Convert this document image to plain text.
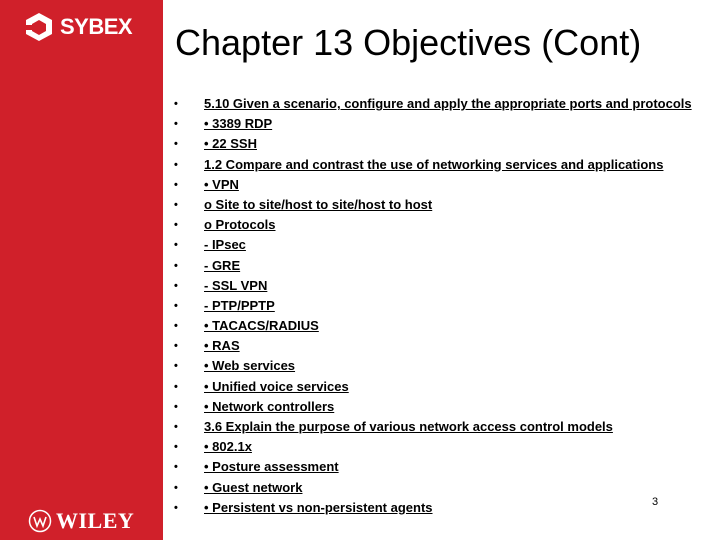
SYBEX
WILEY
Chapter 13 Objectives (Cont)
•	5.10 Given a scenario, configure and apply the appropriate ports and protocols
•	• 3389 RDP
•	• 22 SSH
•	1.2 Compare and contrast the use of networking services and applications
•	• VPN
•	o Site to site/host to site/host to host
•	o Protocols
•	- IPsec
•	- GRE
•	- SSL VPN
•	- PTP/PPTP
•	• TACACS/RADIUS
•	• RAS
•	• Web services
•	• Unified voice services
•	• Network controllers
•	3.6 Explain the purpose of various network access control models
•	• 802.1x
•	• Posture assessment
•	• Guest network
•	• Persistent vs non-persistent agents	3
